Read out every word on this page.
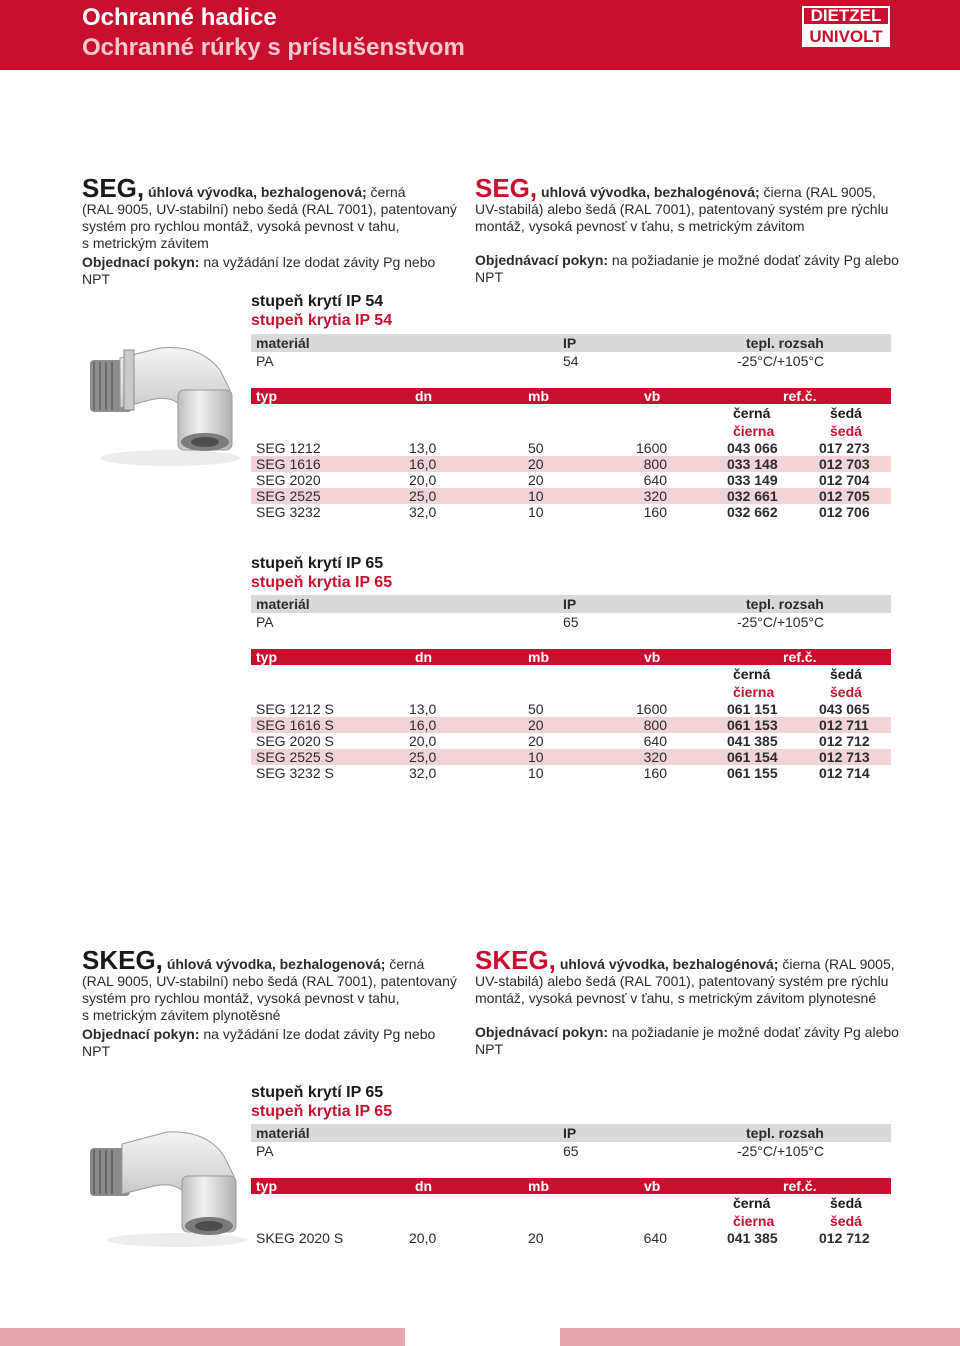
Ochranné hadice
Ochranné rúrky s príslušenstvom
DIETZEL
UNIVOLT
SEG, úhlová vývodka, bezhalogenová; černá
(RAL 9005, UV-stabilní) nebo šedá (RAL 7001), patentovaný
systém pro rychlou montáž, vysoká pevnost v tahu,
s metrickým závitem
Objednací pokyn: na vyžádání lze dodat závity Pg nebo NPT
SEG, uhlová vývodka, bezhalogénová; čierna (RAL 9005,
UV-stabilá) alebo šedá (RAL 7001), patentovaný systém pre rýchlu
montáž, vysoká pevnosť v ťahu, s metrickým závitom
Objednávací pokyn: na požiadanie je možné dodať závity Pg alebo
NPT
stupeň krytí IP 54
stupeň krytia IP 54
materiál	IP	tepl. rozsah
PA	54	-25°C/+105°C
typ	dn	mb	vb	ref.č.
černá	šedá
čierna	šedá
SEG 1212	13,0	50	1600	043 066	017 273
SEG 1616	16,0	20	800	033 148	012 703
SEG 2020	20,0	20	640	033 149	012 704
SEG 2525	25,0	10	320	032 661	012 705
SEG 3232	32,0	10	160	032 662	012 706
stupeň krytí IP 65
stupeň krytia IP 65
materiál	IP	tepl. rozsah
PA	65	-25°C/+105°C
typ	dn	mb	vb	ref.č.
černá	šedá
čierna	šedá
SEG 1212 S	13,0	50	1600	061 151	043 065
SEG 1616 S	16,0	20	800	061 153	012 711
SEG 2020 S	20,0	20	640	041 385	012 712
SEG 2525 S	25,0	10	320	061 154	012 713
SEG 3232 S	32,0	10	160	061 155	012 714
SKEG, úhlová vývodka, bezhalogenová; černá
(RAL 9005, UV-stabilní) nebo šedá (RAL 7001), patentovaný
systém pro rychlou montáž, vysoká pevnost v tahu,
s metrickým závitem plynotěsné
Objednací pokyn: na vyžádání lze dodat závity Pg nebo NPT
SKEG, uhlová vývodka, bezhalogénová; čierna (RAL 9005,
UV-stabilá) alebo šedá (RAL 7001), patentovaný systém pre rýchlu
montáž, vysoká pevnosť v ťahu, s metrickým závitom plynotesné
Objednávací pokyn: na požiadanie je možné dodať závity Pg alebo
NPT
stupeň krytí IP 65
stupeň krytia IP 65
materiál	IP	tepl. rozsah
PA	65	-25°C/+105°C
typ	dn	mb	vb	ref.č.
černá	šedá
čierna	šedá
SKEG 2020 S	20,0	20	640	041 385	012 712
